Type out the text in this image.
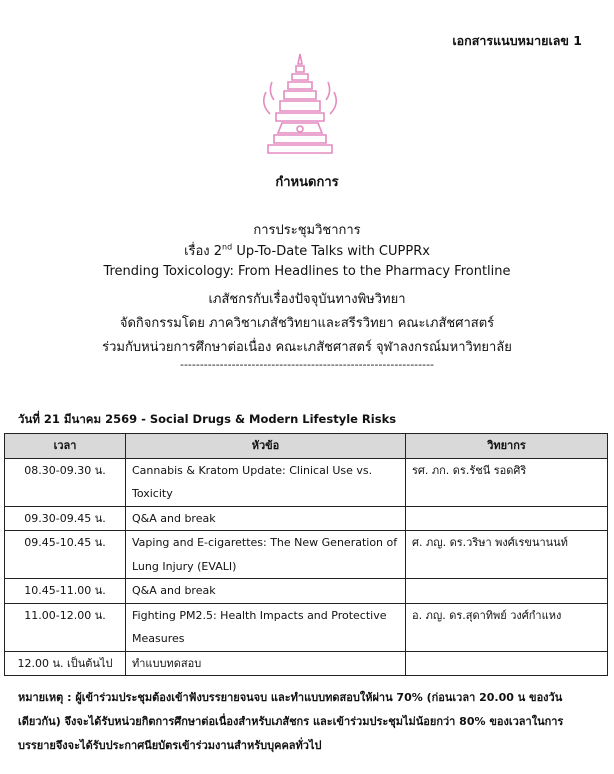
เอกสารแนบหมายเลข 1
กำหนดการ
การประชุมวิชาการ
เรื่อง 2nd Up-To-Date Talks with CUPPRx
Trending Toxicology: From Headlines to the Pharmacy Frontline
เภสัชกรกับเรื่องปัจจุบันทางพิษวิทยา
จัดกิจกรรมโดย ภาควิชาเภสัชวิทยาและสรีรวิทยา คณะเภสัชศาสตร์
ร่วมกับหน่วยการศึกษาต่อเนื่อง คณะเภสัชศาสตร์ จุฬาลงกรณ์มหาวิทยาลัย
----------------------------------------------------------------
วันที่ 21 มีนาคม 2569 - Social Drugs & Modern Lifestyle Risks
เวลา	หัวข้อ	วิทยากร
08.30-09.30 น.	Cannabis & Kratom Update: Clinical Use vs. Toxicity	รศ. ภก. ดร.รัชนี รอดศิริ
09.30-09.45 น.	Q&A and break	
09.45-10.45 น.	Vaping and E-cigarettes: The New Generation of Lung Injury (EVALI)	ศ. ภญ. ดร.วริษา พงศ์เรขนานนท์
10.45-11.00 น.	Q&A and break	
11.00-12.00 น.	Fighting PM2.5: Health Impacts and Protective Measures	อ. ภญ. ดร.สุดาทิพย์ วงศ์กำแหง
12.00 น. เป็นต้นไป	ทำแบบทดสอบ	
หมายเหตุ : ผู้เข้าร่วมประชุมต้องเข้าฟังบรรยายจนจบ และทำแบบทดสอบให้ผ่าน 70% (ก่อนเวลา 20.00 น ของวันเดียวกัน) จึงจะได้รับหน่วยกิตการศึกษาต่อเนื่องสำหรับเภสัชกร และเข้าร่วมประชุมไม่น้อยกว่า 80% ของเวลาในการบรรยายจึงจะได้รับประกาศนียบัตรเข้าร่วมงานสำหรับบุคคลทั่วไป
